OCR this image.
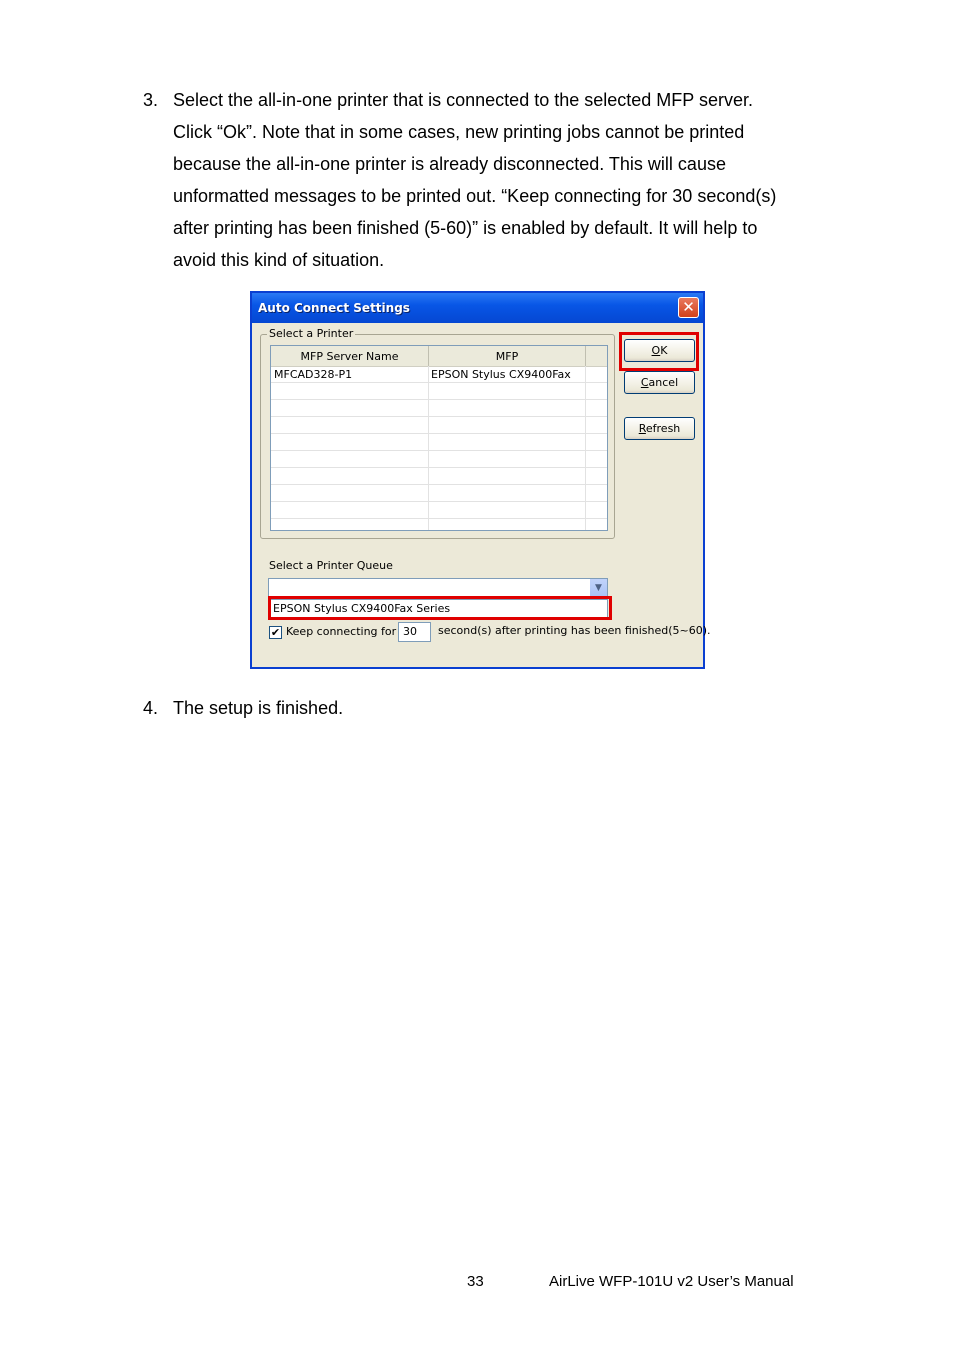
3. Select the all-in-one printer that is connected to the selected MFP server.
Click “Ok”. Note that in some cases, new printing jobs cannot be printed
because the all-in-one printer is already disconnected. This will cause
unformatted messages to be printed out. “Keep connecting for 30 second(s)
after printing has been finished (5-60)” is enabled by default. It will help to
avoid this kind of situation.
Auto Connect Settings	✕
Select a Printer
MFP Server Name	MFP
MFCAD328-P1	EPSON Stylus CX9400Fax
OK
Cancel
Refresh
Select a Printer Queue
▼
EPSON Stylus CX9400Fax Series
✔ Keep connecting for 30	second(s) after printing has been finished(5~60).
4. The setup is finished.
33	AirLive WFP-101U v2 User’s Manual
